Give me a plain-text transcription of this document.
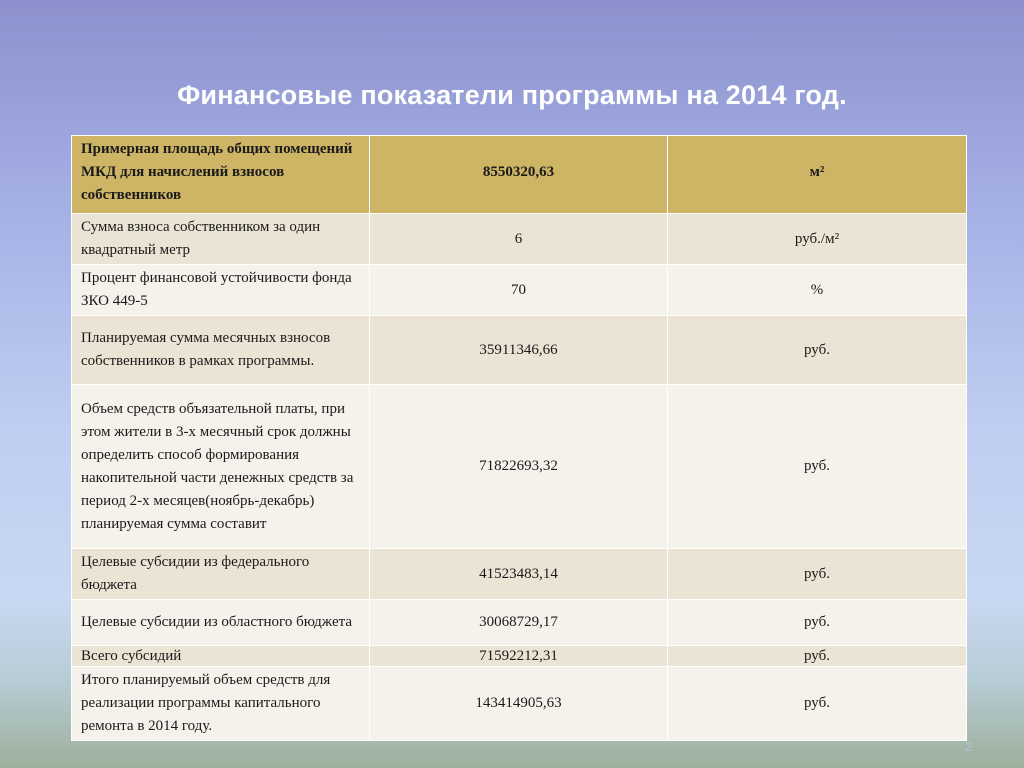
Финансовые показатели программы на 2014 год.
Примерная площадь общих помещений МКД для начислений взносов собственников	8550320,63	м²
Сумма взноса собственником за один квадратный метр	6	руб./м²
Процент финансовой устойчивости фонда ЗКО 449-5	70	%
Планируемая сумма месячных взносов собственников в рамках программы.	35911346,66	руб.
Объем средств объязательной платы, при этом жители в 3-х месячный срок должны определить способ формирования накопительной части денежных средств за период 2-х месяцев(ноябрь-декабрь) планируемая сумма составит	71822693,32	руб.
Целевые субсидии из федерального бюджета	41523483,14	руб.
Целевые субсидии из областного бюджета	30068729,17	руб.
Всего субсидий	71592212,31	руб.
Итого планируемый объем средств для реализации программы капитального ремонта в 2014 году.	143414905,63	руб.
2
